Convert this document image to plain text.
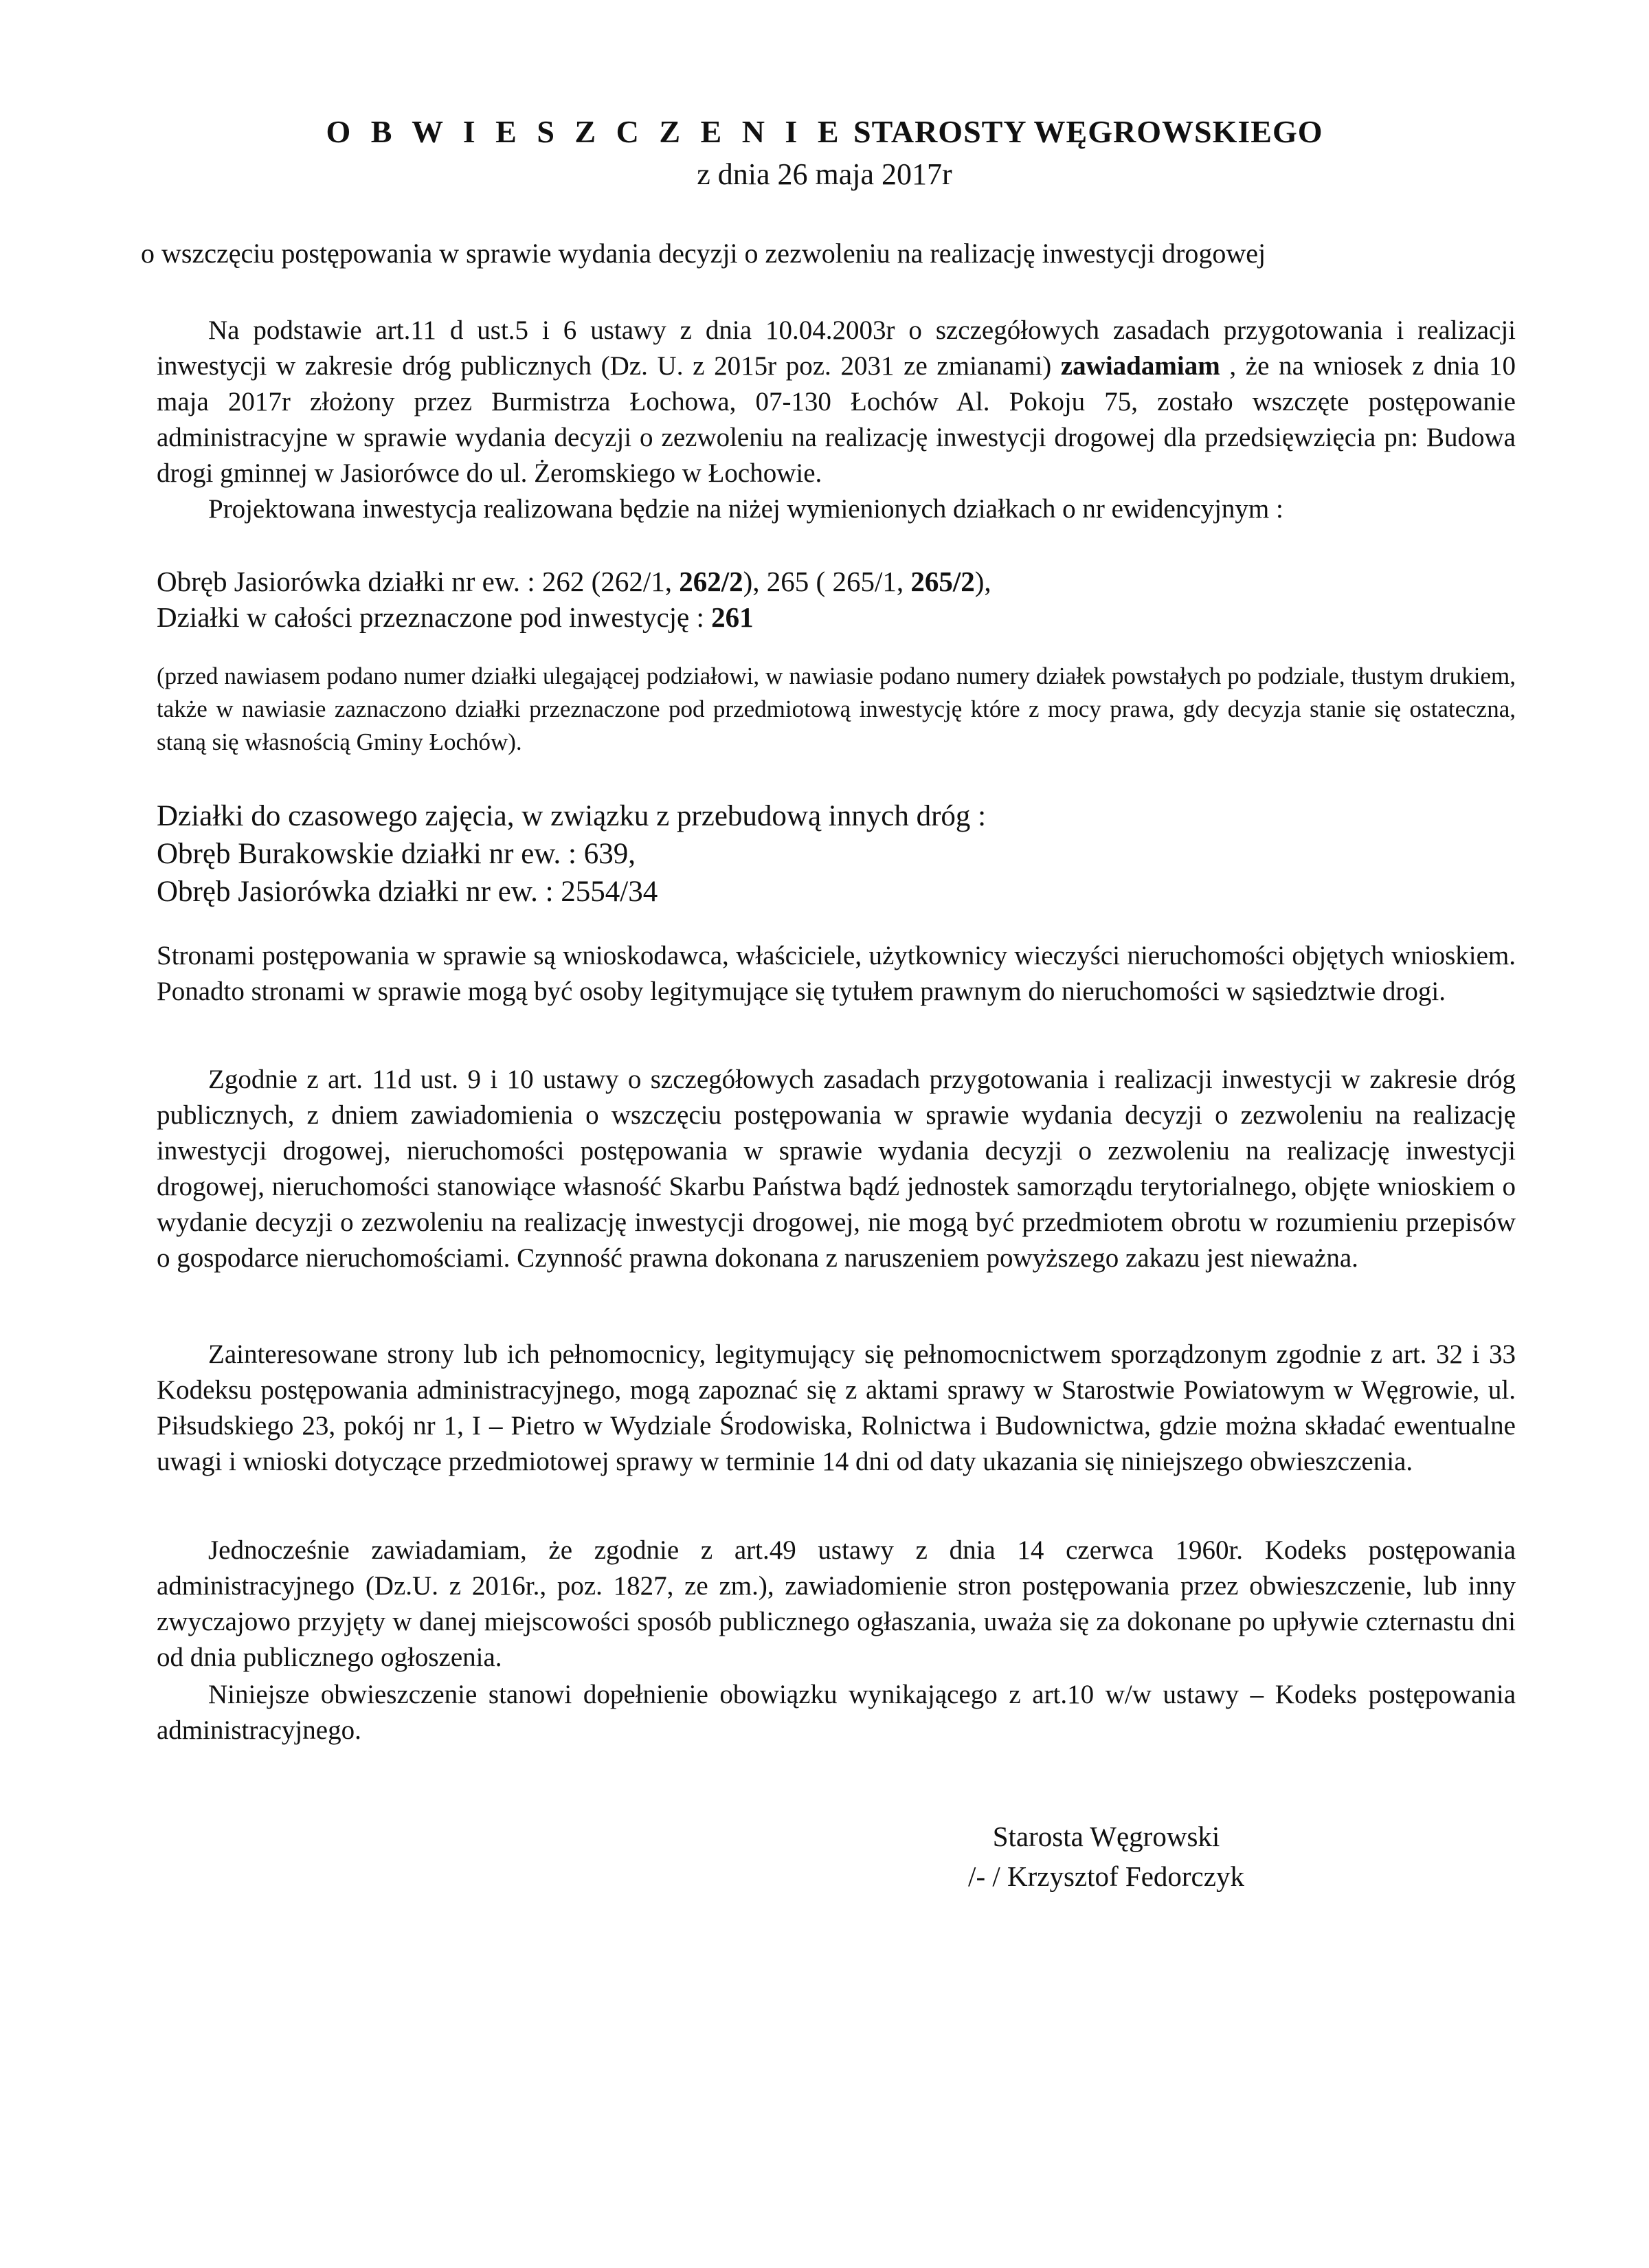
O B W I E S Z C Z E N I E STAROSTY WĘGROWSKIEGO
z dnia 26 maja 2017r
o wszczęciu postępowania w sprawie wydania decyzji o zezwoleniu na realizację inwestycji drogowej
Na podstawie art.11 d ust.5 i 6 ustawy z dnia 10.04.2003r o szczegółowych zasadach przygotowania i realizacji inwestycji w zakresie dróg publicznych (Dz. U. z 2015r poz. 2031 ze zmianami) zawiadamiam , że na wniosek z dnia 10 maja 2017r złożony przez Burmistrza Łochowa, 07-130 Łochów Al. Pokoju 75, zostało wszczęte postępowanie administracyjne w sprawie wydania decyzji o zezwoleniu na realizację inwestycji drogowej dla przedsięwzięcia pn: Budowa drogi gminnej w Jasiorówce do ul. Żeromskiego w Łochowie.
Projektowana inwestycja realizowana będzie na niżej wymienionych działkach o nr ewidencyjnym :
Obręb Jasiorówka działki nr ew. : 262 (262/1, 262/2), 265 ( 265/1, 265/2),
Działki w całości przeznaczone pod inwestycję : 261
(przed nawiasem podano numer działki ulegającej podziałowi, w nawiasie podano numery działek powstałych po podziale, tłustym drukiem, także w nawiasie zaznaczono działki przeznaczone pod przedmiotową inwestycję które z mocy prawa, gdy decyzja stanie się ostateczna, staną się własnością Gminy Łochów).
Działki do czasowego zajęcia, w związku z przebudową innych dróg :
Obręb Burakowskie działki nr ew. : 639,
Obręb Jasiorówka działki nr ew. : 2554/34
Stronami postępowania w sprawie są wnioskodawca, właściciele, użytkownicy wieczyści nieruchomości objętych wnioskiem. Ponadto stronami w sprawie mogą być osoby legitymujące się tytułem prawnym do nieruchomości w sąsiedztwie drogi.
Zgodnie z art. 11d ust. 9 i 10 ustawy o szczegółowych zasadach przygotowania i realizacji inwestycji w zakresie dróg publicznych, z dniem zawiadomienia o wszczęciu postępowania w sprawie wydania decyzji o zezwoleniu na realizację inwestycji drogowej, nieruchomości postępowania w sprawie wydania decyzji o zezwoleniu na realizację inwestycji drogowej, nieruchomości stanowiące własność Skarbu Państwa bądź jednostek samorządu terytorialnego, objęte wnioskiem o wydanie decyzji o zezwoleniu na realizację inwestycji drogowej, nie mogą być przedmiotem obrotu w rozumieniu przepisów o gospodarce nieruchomościami. Czynność prawna dokonana z naruszeniem powyższego zakazu jest nieważna.
Zainteresowane strony lub ich pełnomocnicy, legitymujący się pełnomocnictwem sporządzonym zgodnie z art. 32 i 33 Kodeksu postępowania administracyjnego, mogą zapoznać się z aktami sprawy w Starostwie Powiatowym w Węgrowie, ul. Piłsudskiego 23, pokój nr 1, I – Pietro w Wydziale Środowiska, Rolnictwa i Budownictwa, gdzie można składać ewentualne uwagi i wnioski dotyczące przedmiotowej sprawy w terminie 14 dni od daty ukazania się niniejszego obwieszczenia.
Jednocześnie zawiadamiam, że zgodnie z art.49 ustawy z dnia 14 czerwca 1960r. Kodeks postępowania administracyjnego (Dz.U. z 2016r., poz. 1827, ze zm.), zawiadomienie stron postępowania przez obwieszczenie, lub inny zwyczajowo przyjęty w danej miejscowości sposób publicznego ogłaszania, uważa się za dokonane po upływie czternastu dni od dnia publicznego ogłoszenia.
Niniejsze obwieszczenie stanowi dopełnienie obowiązku wynikającego z art.10 w/w ustawy – Kodeks postępowania administracyjnego.
Starosta Węgrowski
/- / Krzysztof Fedorczyk
